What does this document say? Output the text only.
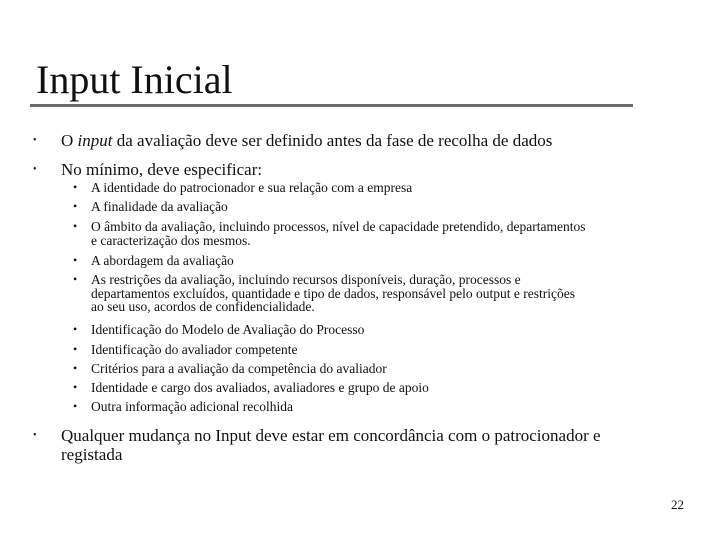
Input Inicial
• O input da avaliação deve ser definido antes da fase de recolha de dados
• No mínimo, deve especificar:
• A identidade do patrocionador e sua relação com a empresa
• A finalidade da avaliação
• O âmbito da avaliação, incluindo processos, nível de capacidade pretendido, departamentos
e caracterização dos mesmos.
• A abordagem da avaliação
• As restrições da avaliação, incluindo recursos disponíveis, duração, processos e
departamentos excluídos, quantidade e tipo de dados, responsável pelo output e restrições
ao seu uso, acordos de confidencialidade.
• Identificação do Modelo de Avaliação do Processo
• Identificação do avaliador competente
• Critérios para a avaliação da competência do avaliador
• Identidade e cargo dos avaliados, avaliadores e grupo de apoio
• Outra informação adicional recolhida
• Qualquer mudança no Input deve estar em concordância com o patrocionador e
registada
22
